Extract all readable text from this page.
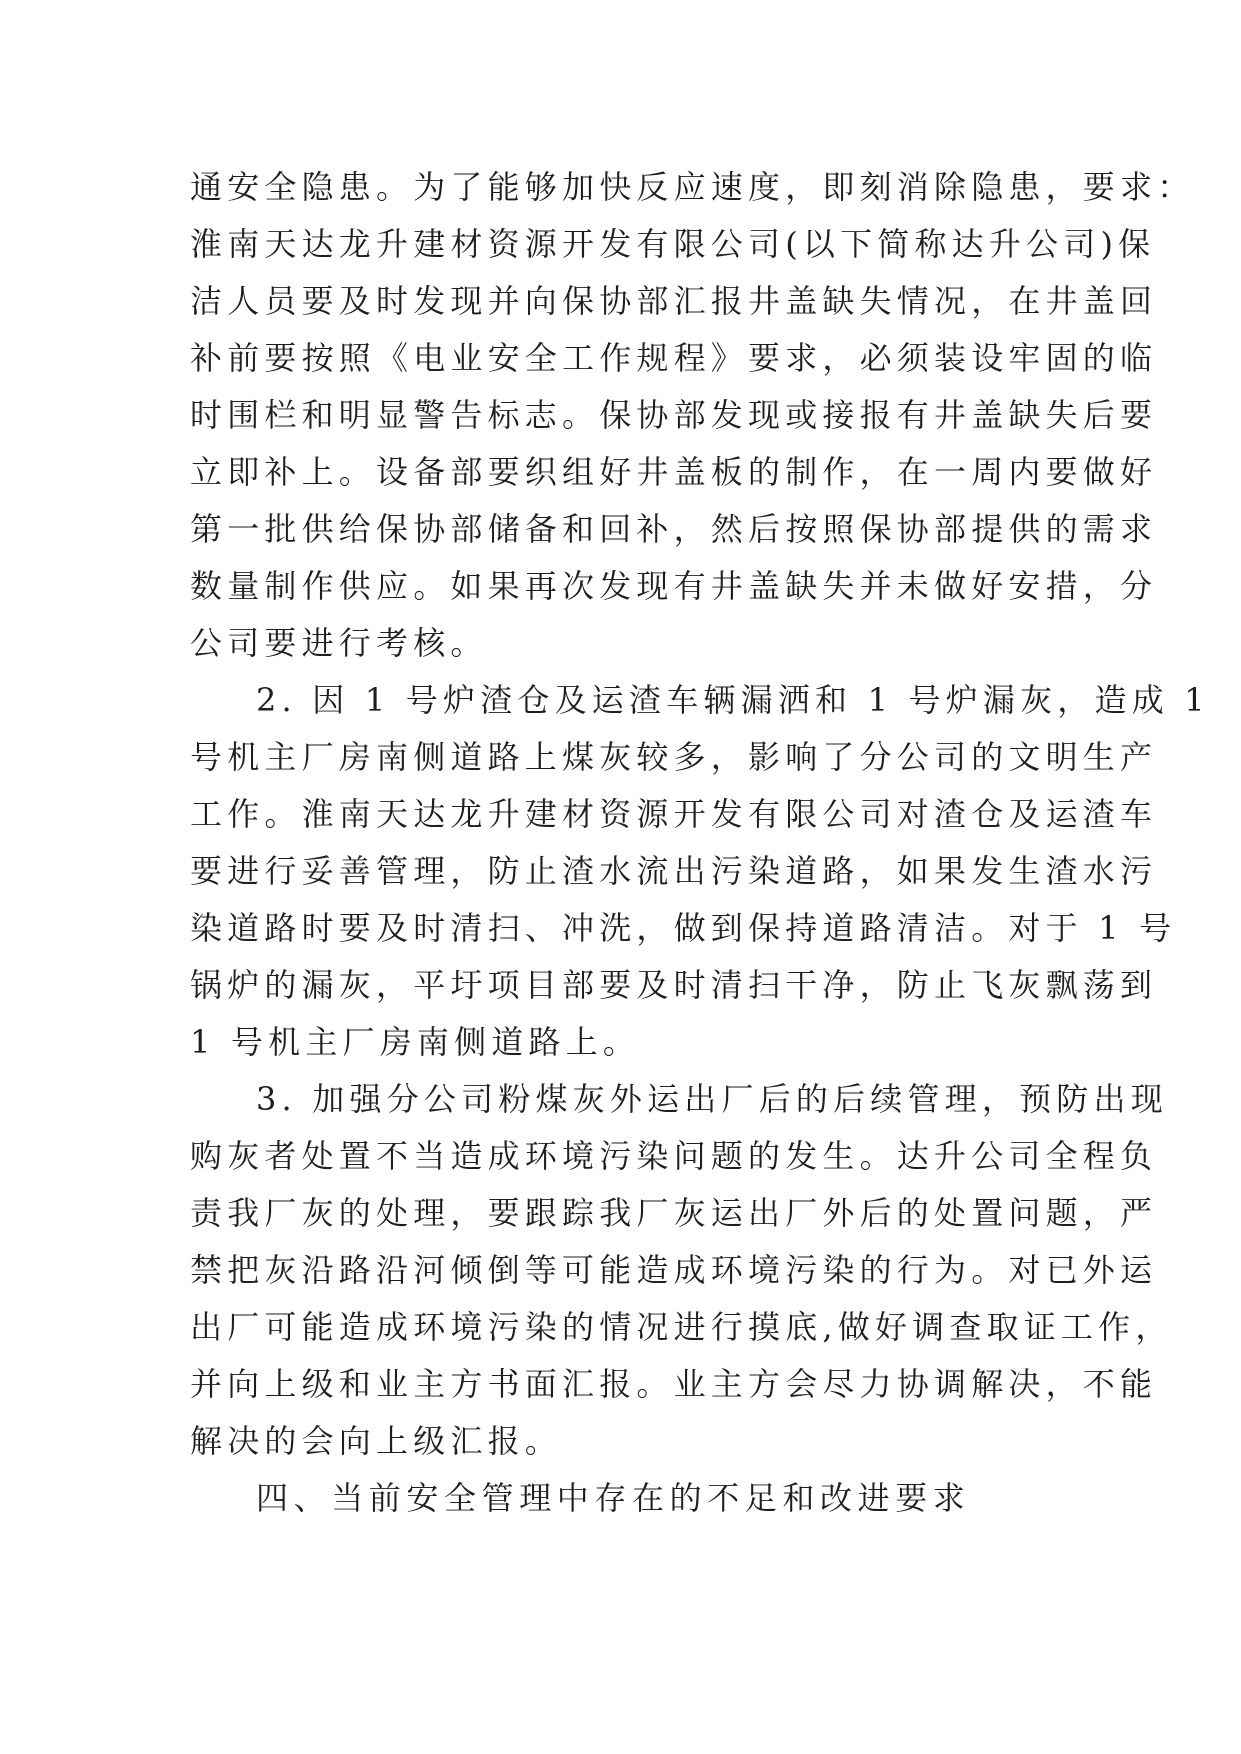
通安全隐患。为了能够加快反应速度，即刻消除隐患，要求：
淮南天达龙升建材资源开发有限公司(以下简称达升公司)保
洁人员要及时发现并向保协部汇报井盖缺失情况，在井盖回
补前要按照《电业安全工作规程》要求，必须装设牢固的临
时围栏和明显警告标志。保协部发现或接报有井盖缺失后要
立即补上。设备部要织组好井盖板的制作，在一周内要做好
第一批供给保协部储备和回补，然后按照保协部提供的需求
数量制作供应。如果再次发现有井盖缺失并未做好安措，分
公司要进行考核。
2. 因 1 号炉渣仓及运渣车辆漏洒和 1 号炉漏灰，造成 1
号机主厂房南侧道路上煤灰较多，影响了分公司的文明生产
工作。淮南天达龙升建材资源开发有限公司对渣仓及运渣车
要进行妥善管理，防止渣水流出污染道路，如果发生渣水污
染道路时要及时清扫、冲洗，做到保持道路清洁。对于 1 号
锅炉的漏灰，平圩项目部要及时清扫干净，防止飞灰飘荡到
1 号机主厂房南侧道路上。
3. 加强分公司粉煤灰外运出厂后的后续管理，预防出现
购灰者处置不当造成环境污染问题的发生。达升公司全程负
责我厂灰的处理，要跟踪我厂灰运出厂外后的处置问题，严
禁把灰沿路沿河倾倒等可能造成环境污染的行为。对已外运
出厂可能造成环境污染的情况进行摸底,做好调查取证工作，
并向上级和业主方书面汇报。业主方会尽力协调解决，不能
解决的会向上级汇报。
四、当前安全管理中存在的不足和改进要求
